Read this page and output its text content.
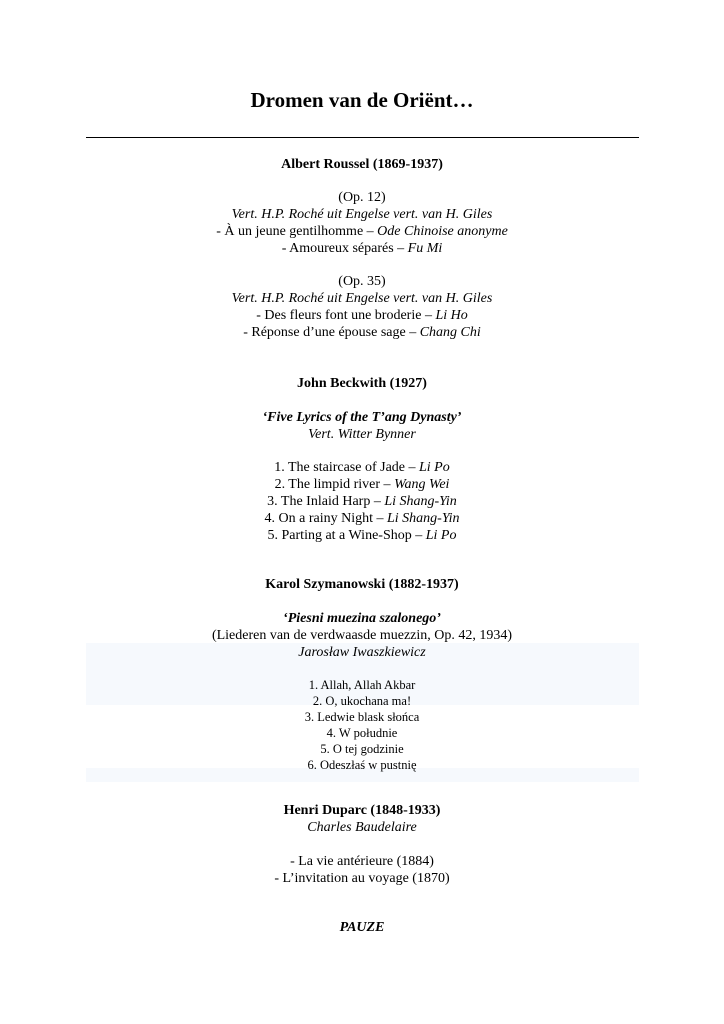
Dromen van de Oriënt…
Albert Roussel (1869-1937)
(Op. 12)
Vert. H.P. Roché uit Engelse vert. van H. Giles
- À un jeune gentilhomme – Ode Chinoise anonyme
- Amoureux séparés – Fu Mi
(Op. 35)
Vert. H.P. Roché uit Engelse vert. van H. Giles
- Des fleurs font une broderie – Li Ho
- Réponse d’une épouse sage – Chang Chi
John Beckwith (1927)
‘Five Lyrics of the T’ang Dynasty’
Vert. Witter Bynner
1. The staircase of Jade – Li Po
2. The limpid river – Wang Wei
3. The Inlaid Harp – Li Shang-Yin
4. On a rainy Night – Li Shang-Yin
5. Parting at a Wine-Shop – Li Po
Karol Szymanowski (1882-1937)
‘Piesni muezina szalonego’
(Liederen van de verdwaasde muezzin, Op. 42, 1934)
Jarosław Iwaszkiewicz
1. Allah, Allah Akbar
2. O, ukochana ma!
3. Ledwie blask słońca
4. W południe
5. O tej godzinie
6. Odeszłaś w pustnię
Henri Duparc (1848-1933)
Charles Baudelaire
- La vie antérieure (1884)
- L’invitation au voyage (1870)
PAUZE
